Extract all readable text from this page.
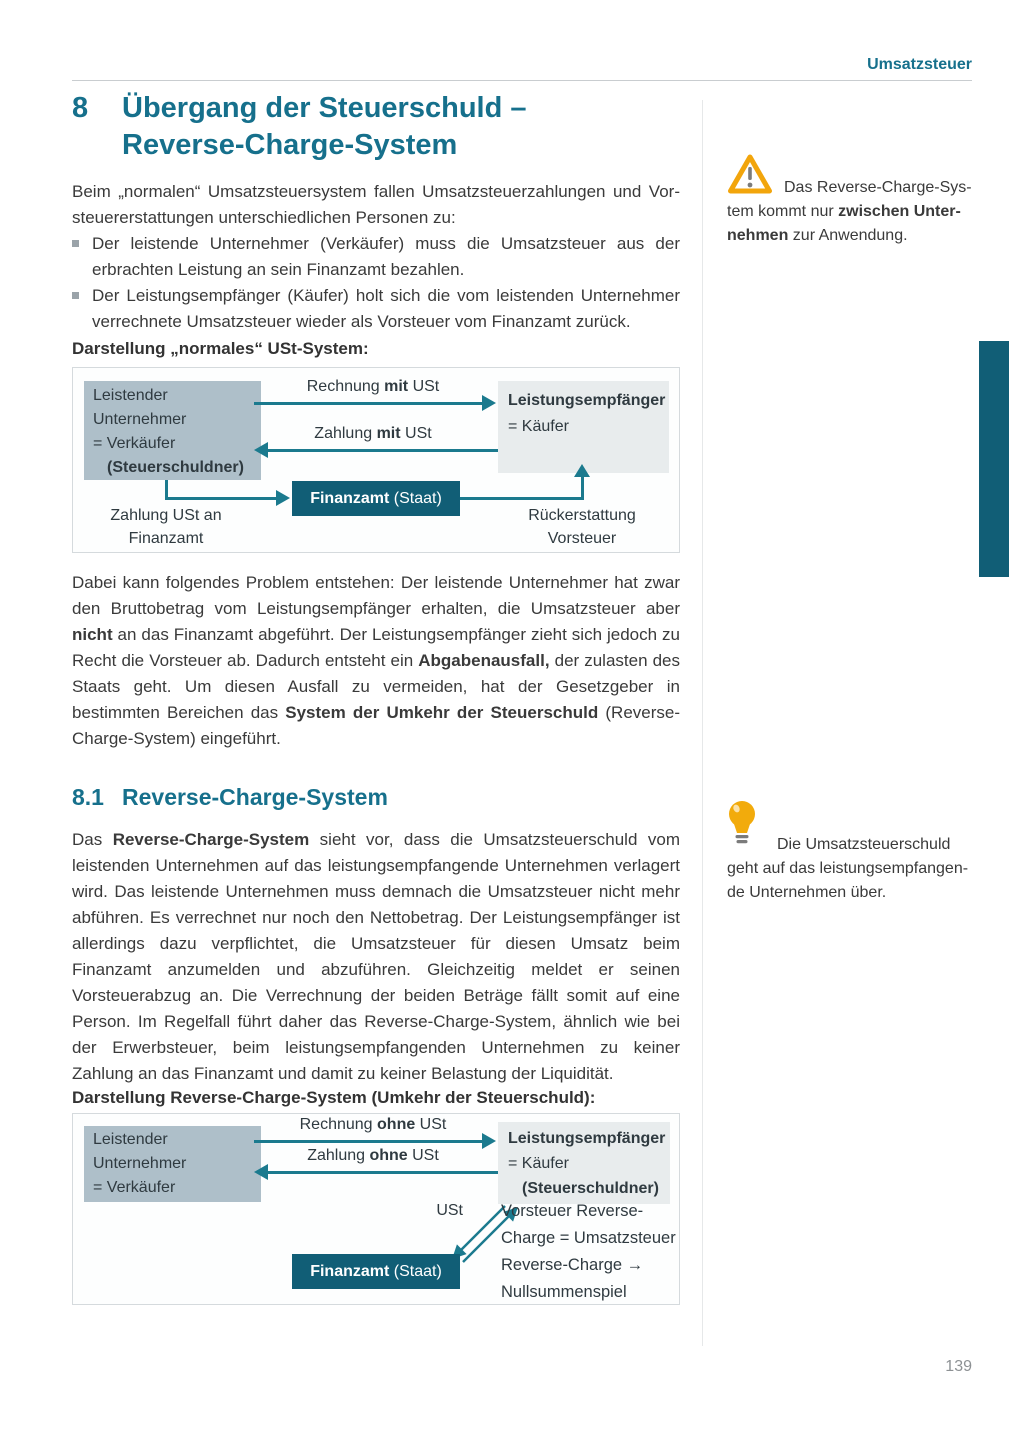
Umsatzsteuer
8 Übergang der Steuerschuld –
Reverse-Charge-System
Beim „normalen“ Umsatzsteuersystem fallen Umsatzsteuerzahlungen und Vorsteuererstattungen unterschiedlichen Personen zu:
Der leistende Unternehmer (Verkäufer) muss die Umsatzsteuer aus der erbrachten Leistung an sein Finanzamt bezahlen.
Der Leistungsempfänger (Käufer) holt sich die vom leistenden Unternehmer verrechnete Umsatzsteuer wieder als Vorsteuer vom Finanzamt zurück.
Darstellung „normales“ USt-System:
Leistender
Unternehmer
= Verkäufer
(Steuerschuldner)
Leistungsempfänger
= Käufer
Rechnung mit USt
Zahlung mit USt
Finanzamt (Staat)
Zahlung USt an
Finanzamt
Rückerstattung
Vorsteuer
Dabei kann folgendes Problem entstehen: Der leistende Unternehmer hat zwar den Bruttobetrag vom Leistungsempfänger erhalten, die Umsatzsteuer aber nicht an das Finanzamt abgeführt. Der Leistungsempfänger zieht sich jedoch zu Recht die Vorsteuer ab. Dadurch entsteht ein Abgabenausfall, der zulasten des Staats geht. Um diesen Ausfall zu vermeiden, hat der Gesetzgeber in bestimmten Bereichen das System der Umkehr der Steuerschuld (Reverse-Charge-System) eingeführt.
8.1 Reverse-Charge-System
Das Reverse-Charge-System sieht vor, dass die Umsatzsteuerschuld vom leistenden Unternehmen auf das leistungsempfangende Unternehmen verlagert wird. Das leistende Unternehmen muss demnach die Umsatzsteuer nicht mehr abführen. Es verrechnet nur noch den Nettobetrag. Der Leistungsempfänger ist allerdings dazu verpflichtet, die Umsatzsteuer für diesen Umsatz beim Finanzamt anzumelden und abzuführen. Gleichzeitig meldet er seinen Vorsteuerabzug an. Die Verrechnung der beiden Beträge fällt somit auf eine Person. Im Regelfall führt daher das Reverse-Charge-System, ähnlich wie bei der Erwerbsteuer, beim leistungsempfangenden Unternehmen zu keiner Zahlung an das Finanzamt und damit zu keiner Belastung der Liquidität.
Darstellung Reverse-Charge-System (Umkehr der Steuerschuld):
Leistender
Unternehmer
= Verkäufer
Leistungsempfänger
= Käufer
(Steuerschuldner)
Rechnung ohne USt
Zahlung ohne USt
USt
Finanzamt (Staat)
Vorsteuer Reverse-
Charge = Umsatzsteuer
Reverse-Charge →
Nullsummenspiel

Das Reverse-Charge-System kommt nur zwischen Unternehmen zur Anwendung.

Die Umsatzsteuerschuld geht auf das leistungsempfangende Unternehmen über.

139
